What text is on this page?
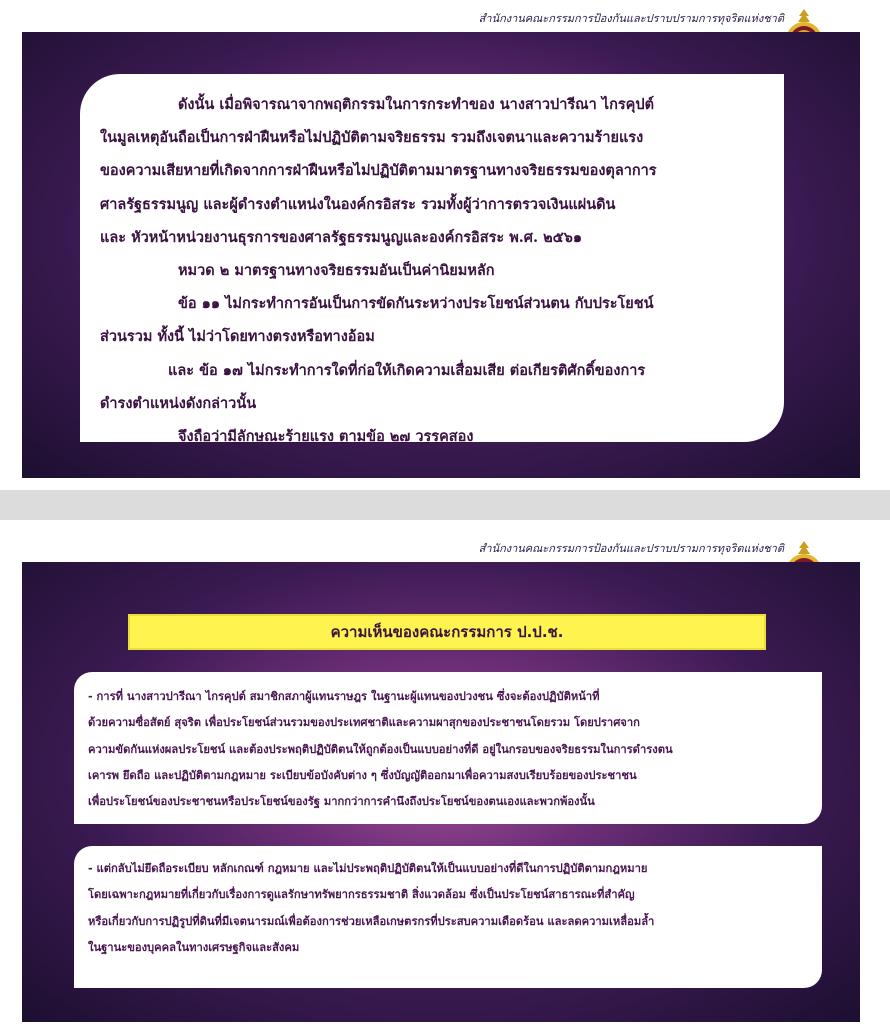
สำนักงานคณะกรรมการป้องกันและปราบปรามการทุจริตแห่งชาติ

ดังนั้น เมื่อพิจารณาจากพฤติกรรมในการกระทำของ นางสาวปารีณา ไกรคุปต์

ในมูลเหตุอันถือเป็นการฝ่าฝืนหรือไม่ปฏิบัติตามจริยธรรม รวมถึงเจตนาและความร้ายแรง

ของความเสียหายที่เกิดจากการฝ่าฝืนหรือไม่ปฏิบัติตามมาตรฐานทางจริยธรรมของตุลาการ

ศาลรัฐธรรมนูญ และผู้ดำรงตำแหน่งในองค์กรอิสระ รวมทั้งผู้ว่าการตรวจเงินแผ่นดิน

และ หัวหน้าหน่วยงานธุรการของศาลรัฐธรรมนูญและองค์กรอิสระ พ.ศ. ๒๕๖๑

หมวด ๒ มาตรฐานทางจริยธรรมอันเป็นค่านิยมหลัก

ข้อ ๑๑ ไม่กระทำการอันเป็นการขัดกันระหว่างประโยชน์ส่วนตน กับประโยชน์

ส่วนรวม ทั้งนี้ ไม่ว่าโดยทางตรงหรือทางอ้อม

และ ข้อ ๑๗ ไม่กระทำการใดที่ก่อให้เกิดความเสื่อมเสีย ต่อเกียรติศักดิ์ของการ

ดำรงตำแหน่งดังกล่าวนั้น

จึงถือว่ามีลักษณะร้ายแรง ตามข้อ ๒๗ วรรคสอง

สำนักงานคณะกรรมการป้องกันและปราบปรามการทุจริตแห่งชาติ
ความเห็นของคณะกรรมการ ป.ป.ช.

- การที่ นางสาวปารีณา ไกรคุปต์ สมาชิกสภาผู้แทนราษฎร ในฐานะผู้แทนของปวงชน ซึ่งจะต้องปฏิบัติหน้าที่

ด้วยความซื่อสัตย์ สุจริต เพื่อประโยชน์ส่วนรวมของประเทศชาติและความผาสุกของประชาชนโดยรวม โดยปราศจาก

ความขัดกันแห่งผลประโยชน์ และต้องประพฤติปฏิบัติตนให้ถูกต้องเป็นแบบอย่างที่ดี อยู่ในกรอบของจริยธรรมในการดำรงตน

เคารพ ยึดถือ และปฏิบัติตามกฎหมาย ระเบียบข้อบังคับต่าง ๆ ซึ่งบัญญัติออกมาเพื่อความสงบเรียบร้อยของประชาชน

เพื่อประโยชน์ของประชาชนหรือประโยชน์ของรัฐ มากกว่าการคำนึงถึงประโยชน์ของตนเองและพวกพ้องนั้น

- แต่กลับไม่ยึดถือระเบียบ หลักเกณฑ์ กฎหมาย และไม่ประพฤติปฏิบัติตนให้เป็นแบบอย่างที่ดีในการปฏิบัติตามกฎหมาย

โดยเฉพาะกฎหมายที่เกี่ยวกับเรื่องการดูแลรักษาทรัพยากรธรรมชาติ สิ่งแวดล้อม ซึ่งเป็นประโยชน์สาธารณะที่สำคัญ

หรือเกี่ยวกับการปฏิรูปที่ดินที่มีเจตนารมณ์เพื่อต้องการช่วยเหลือเกษตรกรที่ประสบความเดือดร้อน และลดความเหลื่อมล้ำ

ในฐานะของบุคคลในทางเศรษฐกิจและสังคม
